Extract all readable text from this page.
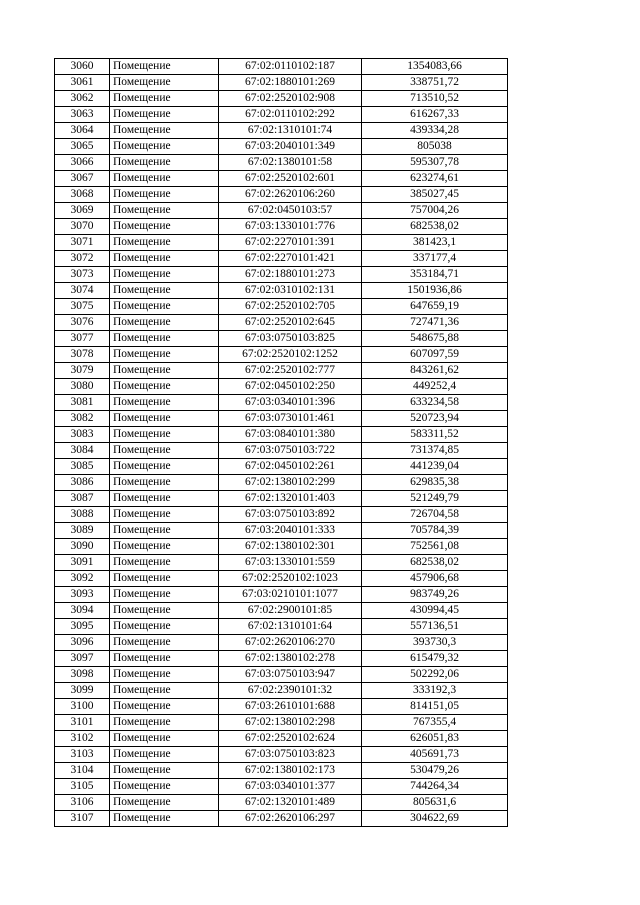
3060	Помещение	67:02:0110102:187	1354083,66
3061	Помещение	67:02:1880101:269	338751,72
3062	Помещение	67:02:2520102:908	713510,52
3063	Помещение	67:02:0110102:292	616267,33
3064	Помещение	67:02:1310101:74	439334,28
3065	Помещение	67:03:2040101:349	805038
3066	Помещение	67:02:1380101:58	595307,78
3067	Помещение	67:02:2520102:601	623274,61
3068	Помещение	67:02:2620106:260	385027,45
3069	Помещение	67:02:0450103:57	757004,26
3070	Помещение	67:03:1330101:776	682538,02
3071	Помещение	67:02:2270101:391	381423,1
3072	Помещение	67:02:2270101:421	337177,4
3073	Помещение	67:02:1880101:273	353184,71
3074	Помещение	67:02:0310102:131	1501936,86
3075	Помещение	67:02:2520102:705	647659,19
3076	Помещение	67:02:2520102:645	727471,36
3077	Помещение	67:03:0750103:825	548675,88
3078	Помещение	67:02:2520102:1252	607097,59
3079	Помещение	67:02:2520102:777	843261,62
3080	Помещение	67:02:0450102:250	449252,4
3081	Помещение	67:03:0340101:396	633234,58
3082	Помещение	67:03:0730101:461	520723,94
3083	Помещение	67:03:0840101:380	583311,52
3084	Помещение	67:03:0750103:722	731374,85
3085	Помещение	67:02:0450102:261	441239,04
3086	Помещение	67:02:1380102:299	629835,38
3087	Помещение	67:02:1320101:403	521249,79
3088	Помещение	67:03:0750103:892	726704,58
3089	Помещение	67:03:2040101:333	705784,39
3090	Помещение	67:02:1380102:301	752561,08
3091	Помещение	67:03:1330101:559	682538,02
3092	Помещение	67:02:2520102:1023	457906,68
3093	Помещение	67:03:0210101:1077	983749,26
3094	Помещение	67:02:2900101:85	430994,45
3095	Помещение	67:02:1310101:64	557136,51
3096	Помещение	67:02:2620106:270	393730,3
3097	Помещение	67:02:1380102:278	615479,32
3098	Помещение	67:03:0750103:947	502292,06
3099	Помещение	67:02:2390101:32	333192,3
3100	Помещение	67:03:2610101:688	814151,05
3101	Помещение	67:02:1380102:298	767355,4
3102	Помещение	67:02:2520102:624	626051,83
3103	Помещение	67:03:0750103:823	405691,73
3104	Помещение	67:02:1380102:173	530479,26
3105	Помещение	67:03:0340101:377	744264,34
3106	Помещение	67:02:1320101:489	805631,6
3107	Помещение	67:02:2620106:297	304622,69
